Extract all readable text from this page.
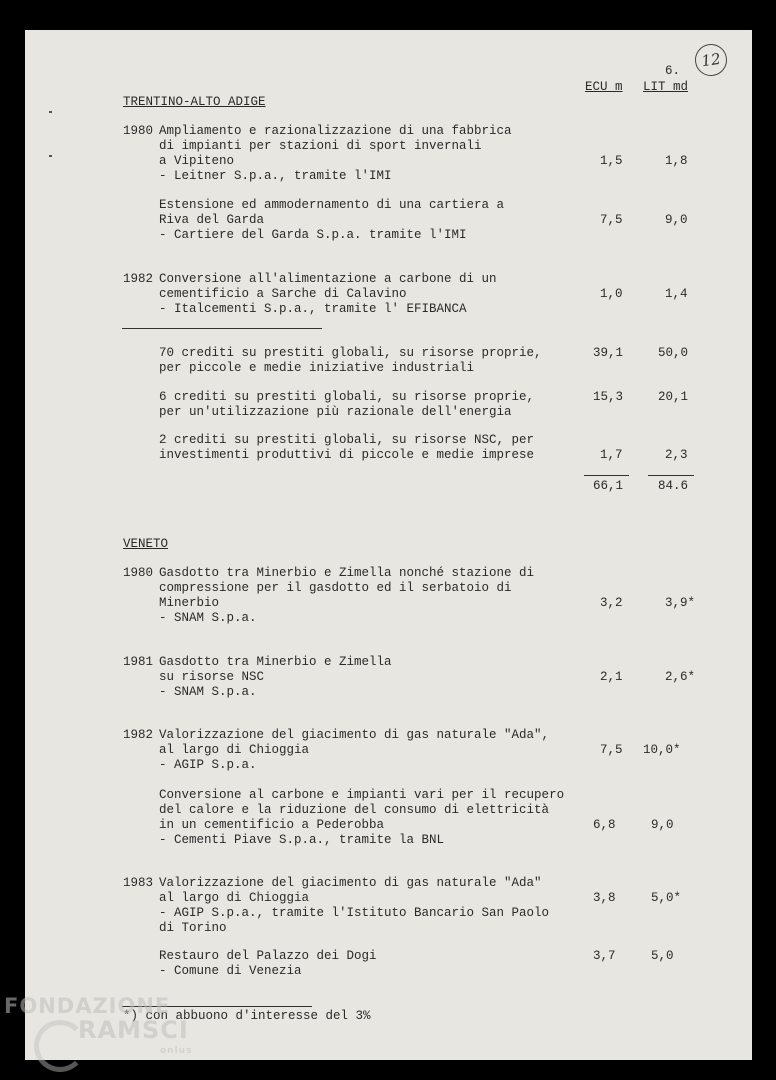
6.
12
ECU m LIT md
TRENTINO-ALTO ADIGE
1980 Ampliamento e razionalizzazione di una fabbrica
di impianti per stazioni di sport invernali
a Vipiteno
- Leitner S.p.a., tramite l'IMI
1,5	1,8
Estensione ed ammodernamento di una cartiera a
Riva del Garda
- Cartiere del Garda S.p.a. tramite l'IMI
7,5	9,0
1982 Conversione all'alimentazione a carbone di un
cementificio a Sarche di Calavino
- Italcementi S.p.a., tramite l' EFIBANCA
1,0	1,4
70 crediti su prestiti globali, su risorse proprie,
per piccole e medie iniziative industriali
39,1	50,0
6 crediti su prestiti globali, su risorse proprie,
per un'utilizzazione più razionale dell'energia
15,3	20,1
2 crediti su prestiti globali, su risorse NSC, per
investimenti produttivi di piccole e medie imprese	1,7	2,3
66,1	84.6
VENETO
1980 Gasdotto tra Minerbio e Zimella nonché stazione di
compressione per il gasdotto ed il serbatoio di
Minerbio
- SNAM S.p.a.
3,2	3,9*
1981 Gasdotto tra Minerbio e Zimella
su risorse NSC
- SNAM S.p.a.
2,1	2,6*
1982 Valorizzazione del giacimento di gas naturale "Ada",
al largo di Chioggia
- AGIP S.p.a.
7,5 10,0*
Conversione al carbone e impianti vari per il recupero
del calore e la riduzione del consumo di elettricità
in un cementificio a Pederobba
- Cementi Piave S.p.a., tramite la BNL
6,8	9,0
1983 Valorizzazione del giacimento di gas naturale "Ada"
al largo di Chioggia
- AGIP S.p.a., tramite l'Istituto Bancario San Paolo
di Torino
3,8	5,0*
Restauro del Palazzo dei Dogi
- Comune di Venezia
3,7	5,0
*) con abbuono d'interesse del 3%
FONDAZIONE
RAMSCI
onlus
